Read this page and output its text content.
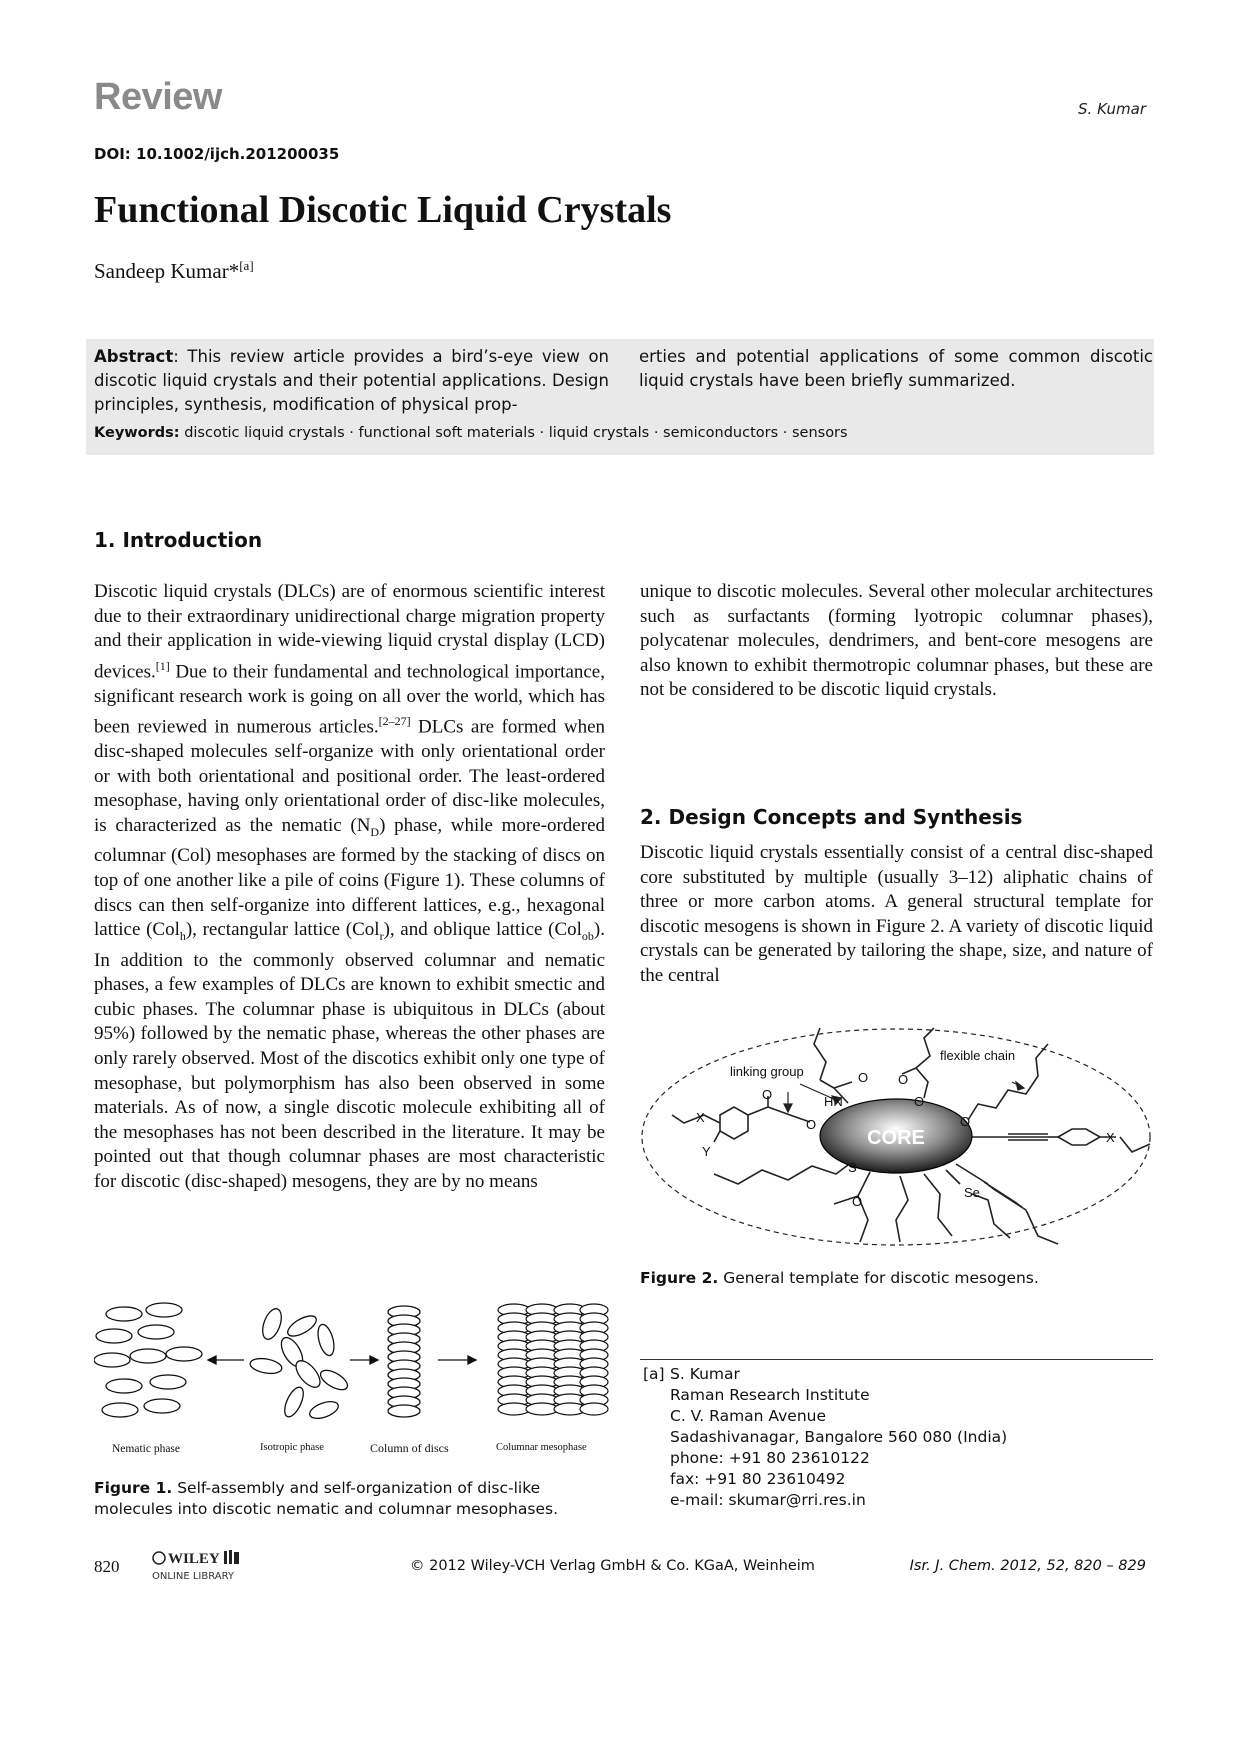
Review	S. Kumar
DOI: 10.1002/ijch.201200035
Functional Discotic Liquid Crystals
Sandeep Kumar*[a]
Abstract: This review article provides a bird’s-eye view on discotic liquid crystals and their potential applications. Design principles, synthesis, modification of physical prop-
erties and potential applications of some common discotic liquid crystals have been briefly summarized.
Keywords: discotic liquid crystals · functional soft materials · liquid crystals · semiconductors · sensors
1. Introduction

Discotic liquid crystals (DLCs) are of enormous scientific interest due to their extraordinary unidirectional charge migration property and their application in wide-viewing liquid crystal display (LCD) devices.[1] Due to their fundamental and technological importance, significant research work is going on all over the world, which has been reviewed in numerous articles.[2–27] DLCs are formed when disc-shaped molecules self-organize with only orientational order or with both orientational and positional order. The least-ordered mesophase, having only orientational order of disc-like molecules, is characterized as the nematic $(N_D)$ phase, while more-ordered columnar (Col) mesophases are formed by the stacking of discs on top of one another like a pile of coins (Figure 1). These columns of discs can then self-organize into different lattices, e.g., hexagonal lattice (Col$_h$), rectangular lattice (Col$_r$), and oblique lattice (Col$_{ob}$). In addition to the commonly observed columnar and nematic phases, a few examples of DLCs are known to exhibit smectic and cubic phases. The columnar phase is ubiquitous in DLCs (about 95%) followed by the nematic phase, whereas the other phases are only rarely observed. Most of the discotics exhibit only one type of mesophase, but polymorphism has also been observed in some materials. As of now, a single discotic molecule exhibiting all of the mesophases has not been described in the literature. It may be pointed out that though columnar phases are most characteristic for discotic (disc-shaped) mesogens, they are by no means

unique to discotic molecules. Several other molecular architectures such as surfactants (forming lyotropic columnar phases), polycatenar molecules, dendrimers, and bent-core mesogens are also known to exhibit thermotropic columnar phases, but these are not be considered to be discotic liquid crystals.

2. Design Concepts and Synthesis

Discotic liquid crystals essentially consist of a central disc-shaped core substituted by multiple (usually 3–12) aliphatic chains of three or more carbon atoms. A general structural template for discotic mesogens is shown in Figure 2. A variety of discotic liquid crystals can be generated by tailoring the shape, size, and nature of the central

CORE
linking group
flexible chain
HN
O
O
O
O
O
O
O
S
Se
X
X
Y
Figure 2. General template for discotic mesogens.
Nematic phase	Isotropic phase	Column of discs	Columnar mesophase
Figure 1. Self-assembly and self-organization of disc-like molecules into discotic nematic and columnar mesophases.
[a] S. Kumar
Raman Research Institute
C. V. Raman Avenue
Sadashivanagar, Bangalore 560 080 (India)
phone: +91 80 23610122
fax: +91 80 23610492
e-mail: skumar@rri.res.in
820	WILEY
ONLINE LIBRARY
© 2012 Wiley-VCH Verlag GmbH & Co. KGaA, Weinheim	Isr. J. Chem. 2012, 52, 820 – 829
